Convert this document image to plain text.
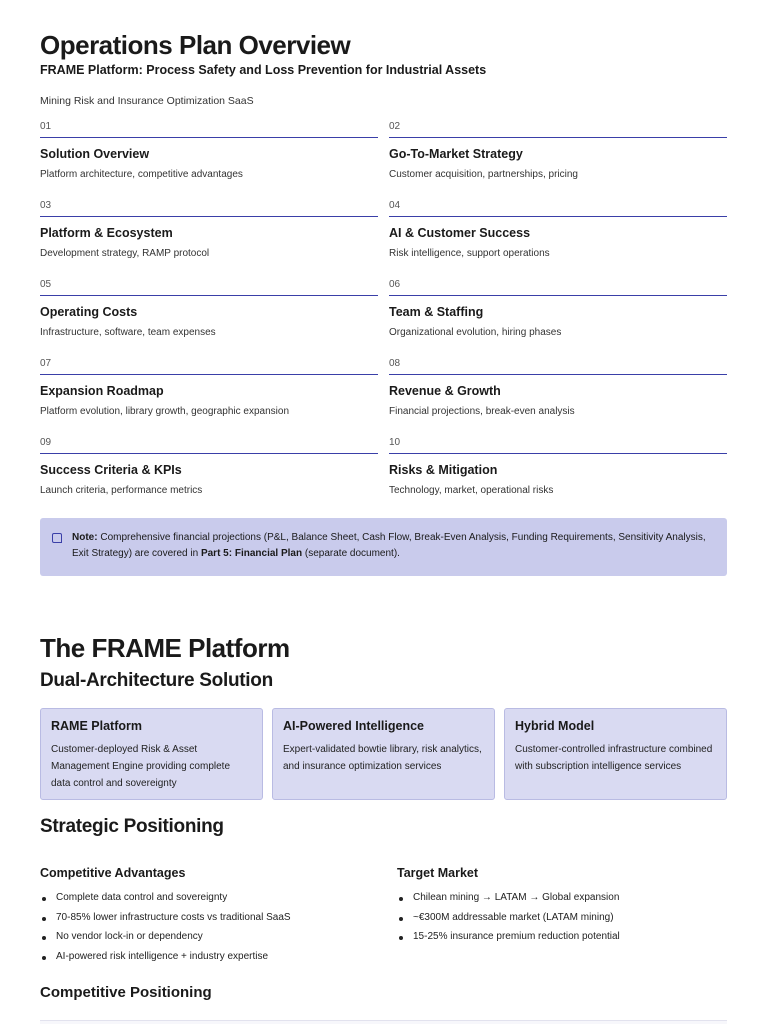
Operations Plan Overview
FRAME Platform: Process Safety and Loss Prevention for Industrial Assets
Mining Risk and Insurance Optimization SaaS
01
Solution Overview
Platform architecture, competitive advantages
02
Go-To-Market Strategy
Customer acquisition, partnerships, pricing
03
Platform & Ecosystem
Development strategy, RAMP protocol
04
AI & Customer Success
Risk intelligence, support operations
05
Operating Costs
Infrastructure, software, team expenses
06
Team & Staffing
Organizational evolution, hiring phases
07
Expansion Roadmap
Platform evolution, library growth, geographic expansion
08
Revenue & Growth
Financial projections, break-even analysis
09
Success Criteria & KPIs
Launch criteria, performance metrics
10
Risks & Mitigation
Technology, market, operational risks
Note: Comprehensive financial projections (P&L, Balance Sheet, Cash Flow, Break-Even Analysis, Funding Requirements, Sensitivity Analysis, Exit Strategy) are covered in Part 5: Financial Plan (separate document).
The FRAME Platform
Dual-Architecture Solution
RAME Platform
Customer-deployed Risk & Asset Management Engine providing complete data control and sovereignty
AI-Powered Intelligence
Expert-validated bowtie library, risk analytics, and insurance optimization services
Hybrid Model
Customer-controlled infrastructure combined with subscription intelligence services
Strategic Positioning
Competitive Advantages
Complete data control and sovereignty
70-85% lower infrastructure costs vs traditional SaaS
No vendor lock-in or dependency
AI-powered risk intelligence + industry expertise
Target Market
Chilean mining → LATAM → Global expansion
~€300M addressable market (LATAM mining)
15-25% insurance premium reduction potential
Competitive Positioning
